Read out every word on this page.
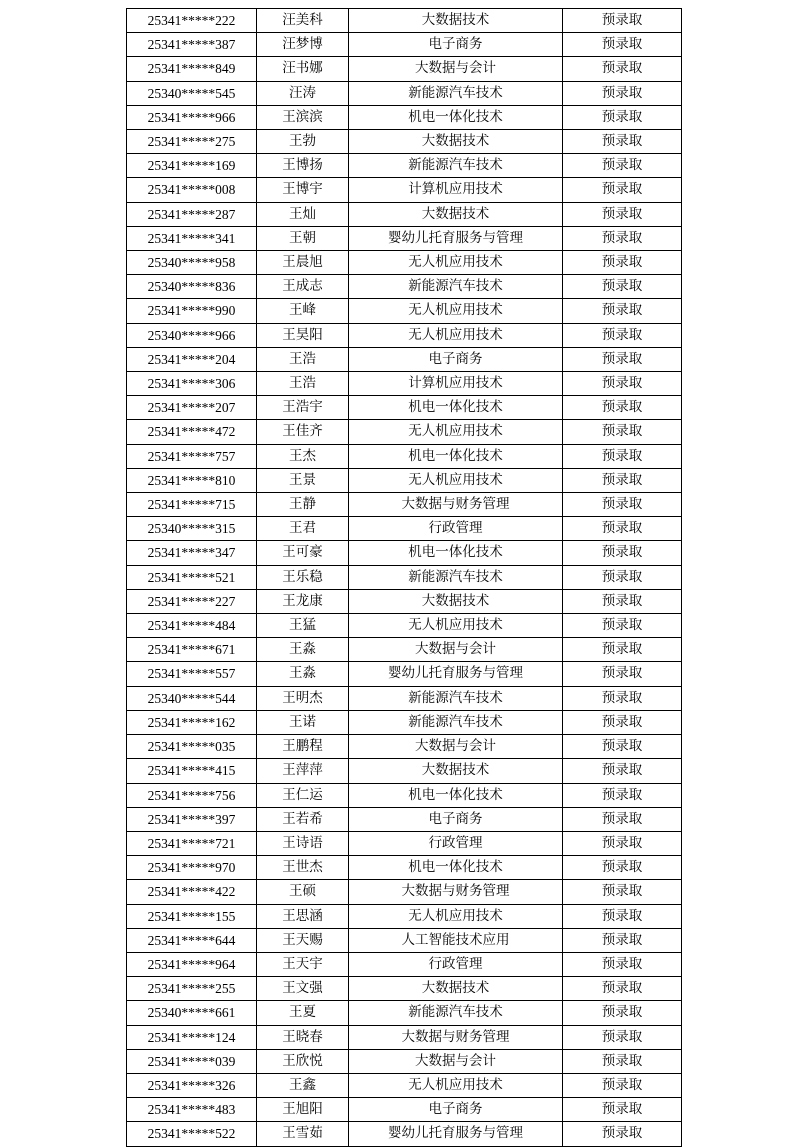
25341*****222	汪美科	大数据技术	预录取
25341*****387	汪梦博	电子商务	预录取
25341*****849	汪书娜	大数据与会计	预录取
25340*****545	汪涛	新能源汽车技术	预录取
25341*****966	王滨滨	机电一体化技术	预录取
25341*****275	王勃	大数据技术	预录取
25341*****169	王博扬	新能源汽车技术	预录取
25341*****008	王博宇	计算机应用技术	预录取
25341*****287	王灿	大数据技术	预录取
25341*****341	王朝	婴幼儿托育服务与管理	预录取
25340*****958	王晨旭	无人机应用技术	预录取
25340*****836	王成志	新能源汽车技术	预录取
25341*****990	王峰	无人机应用技术	预录取
25340*****966	王昊阳	无人机应用技术	预录取
25341*****204	王浩	电子商务	预录取
25341*****306	王浩	计算机应用技术	预录取
25341*****207	王浩宇	机电一体化技术	预录取
25341*****472	王佳齐	无人机应用技术	预录取
25341*****757	王杰	机电一体化技术	预录取
25341*****810	王景	无人机应用技术	预录取
25341*****715	王静	大数据与财务管理	预录取
25340*****315	王君	行政管理	预录取
25341*****347	王可豪	机电一体化技术	预录取
25341*****521	王乐稳	新能源汽车技术	预录取
25341*****227	王龙康	大数据技术	预录取
25341*****484	王猛	无人机应用技术	预录取
25341*****671	王淼	大数据与会计	预录取
25341*****557	王淼	婴幼儿托育服务与管理	预录取
25340*****544	王明杰	新能源汽车技术	预录取
25341*****162	王诺	新能源汽车技术	预录取
25341*****035	王鹏程	大数据与会计	预录取
25341*****415	王萍萍	大数据技术	预录取
25341*****756	王仁运	机电一体化技术	预录取
25341*****397	王若希	电子商务	预录取
25341*****721	王诗语	行政管理	预录取
25341*****970	王世杰	机电一体化技术	预录取
25341*****422	王硕	大数据与财务管理	预录取
25341*****155	王思涵	无人机应用技术	预录取
25341*****644	王天赐	人工智能技术应用	预录取
25341*****964	王天宇	行政管理	预录取
25341*****255	王文强	大数据技术	预录取
25340*****661	王夏	新能源汽车技术	预录取
25341*****124	王晓春	大数据与财务管理	预录取
25341*****039	王欣悦	大数据与会计	预录取
25341*****326	王鑫	无人机应用技术	预录取
25341*****483	王旭阳	电子商务	预录取
25341*****522	王雪茹	婴幼儿托育服务与管理	预录取
